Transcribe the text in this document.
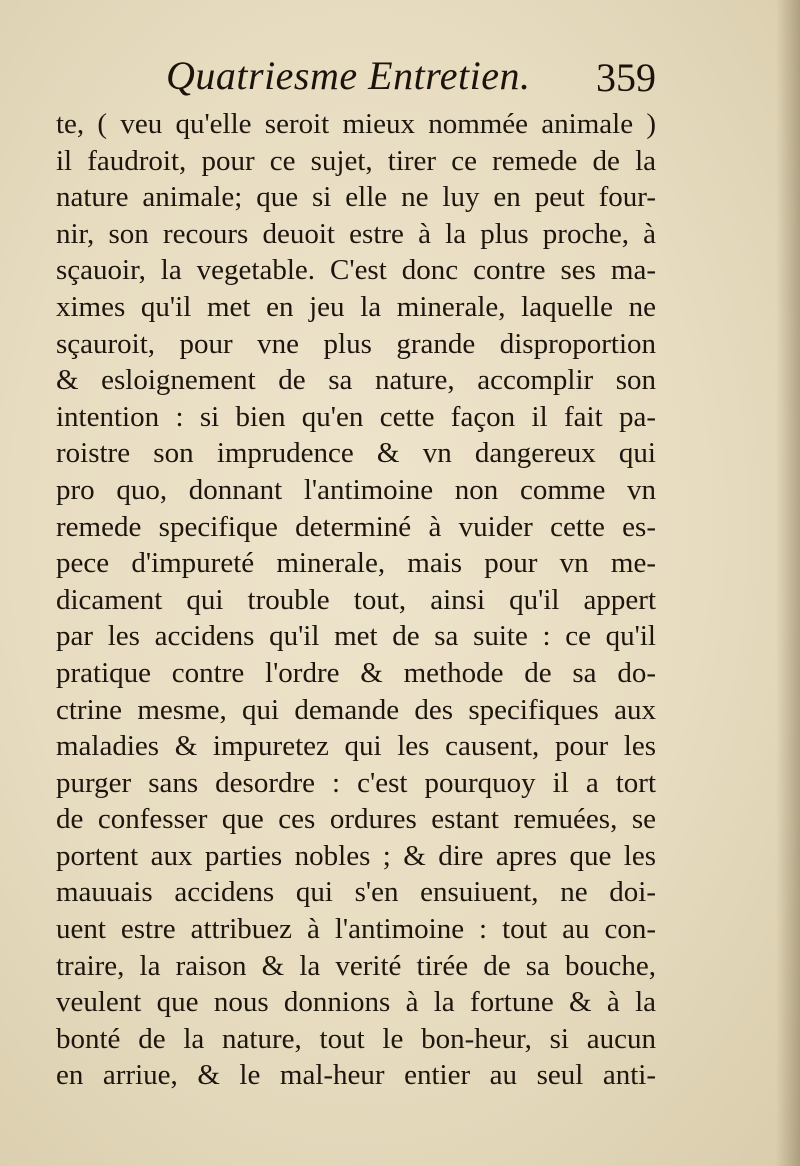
Quatriesme Entretien. 359
te, ( veu qu'elle seroit mieux nommée animale )
il faudroit, pour ce sujet, tirer ce remede de la
nature animale; que si elle ne luy en peut four-
nir, son recours deuoit estre à la plus proche, à
sçauoir, la vegetable. C'est donc contre ses ma-
ximes qu'il met en jeu la minerale, laquelle ne
sçauroit, pour vne plus grande disproportion
& esloignement de sa nature, accomplir son
intention : si bien qu'en cette façon il fait pa-
roistre son imprudence & vn dangereux qui
pro quo, donnant l'antimoine non comme vn
remede specifique determiné à vuider cette es-
pece d'impureté minerale, mais pour vn me-
dicament qui trouble tout, ainsi qu'il appert
par les accidens qu'il met de sa suite : ce qu'il
pratique contre l'ordre & methode de sa do-
ctrine mesme, qui demande des specifiques aux
maladies & impuretez qui les causent, pour les
purger sans desordre : c'est pourquoy il a tort
de confesser que ces ordures estant remuées, se
portent aux parties nobles ; & dire apres que les
mauuais accidens qui s'en ensuiuent, ne doi-
uent estre attribuez à l'antimoine : tout au con-
traire, la raison & la verité tirée de sa bouche,
veulent que nous donnions à la fortune & à la
bonté de la nature, tout le bon-heur, si aucun
en arriue, & le mal-heur entier au seul anti-
